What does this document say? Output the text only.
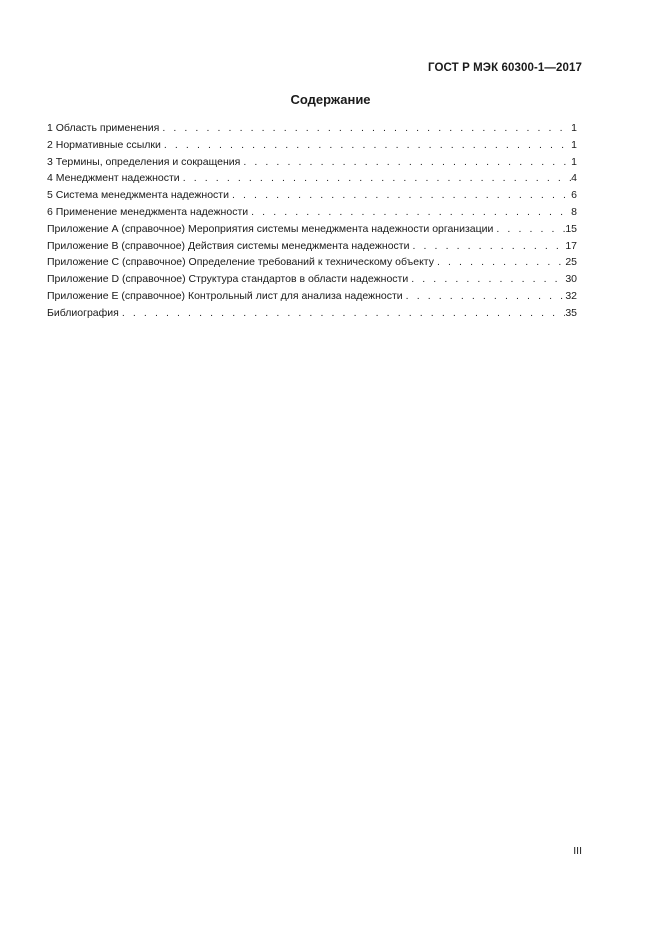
ГОСТ Р МЭК 60300-1—2017
Содержание
1 Область применения . . .	1
2 Нормативные ссылки . . .	1
3 Термины, определения и сокращения . . .	1
4 Менеджмент надежности . . .	4
5 Система менеджмента надежности . . .	6
6 Применение менеджмента надежности . . .	8
Приложение А (справочное) Мероприятия системы менеджмента надежности организации . . .	15
Приложение В (справочное) Действия системы менеджмента надежности . . .	17
Приложение С (справочное) Определение требований к техническому объекту . . .	25
Приложение D (справочное) Структура стандартов в области надежности . . .	30
Приложение Е (справочное) Контрольный лист для анализа надежности . . .	32
Библиография . . .	35
III
